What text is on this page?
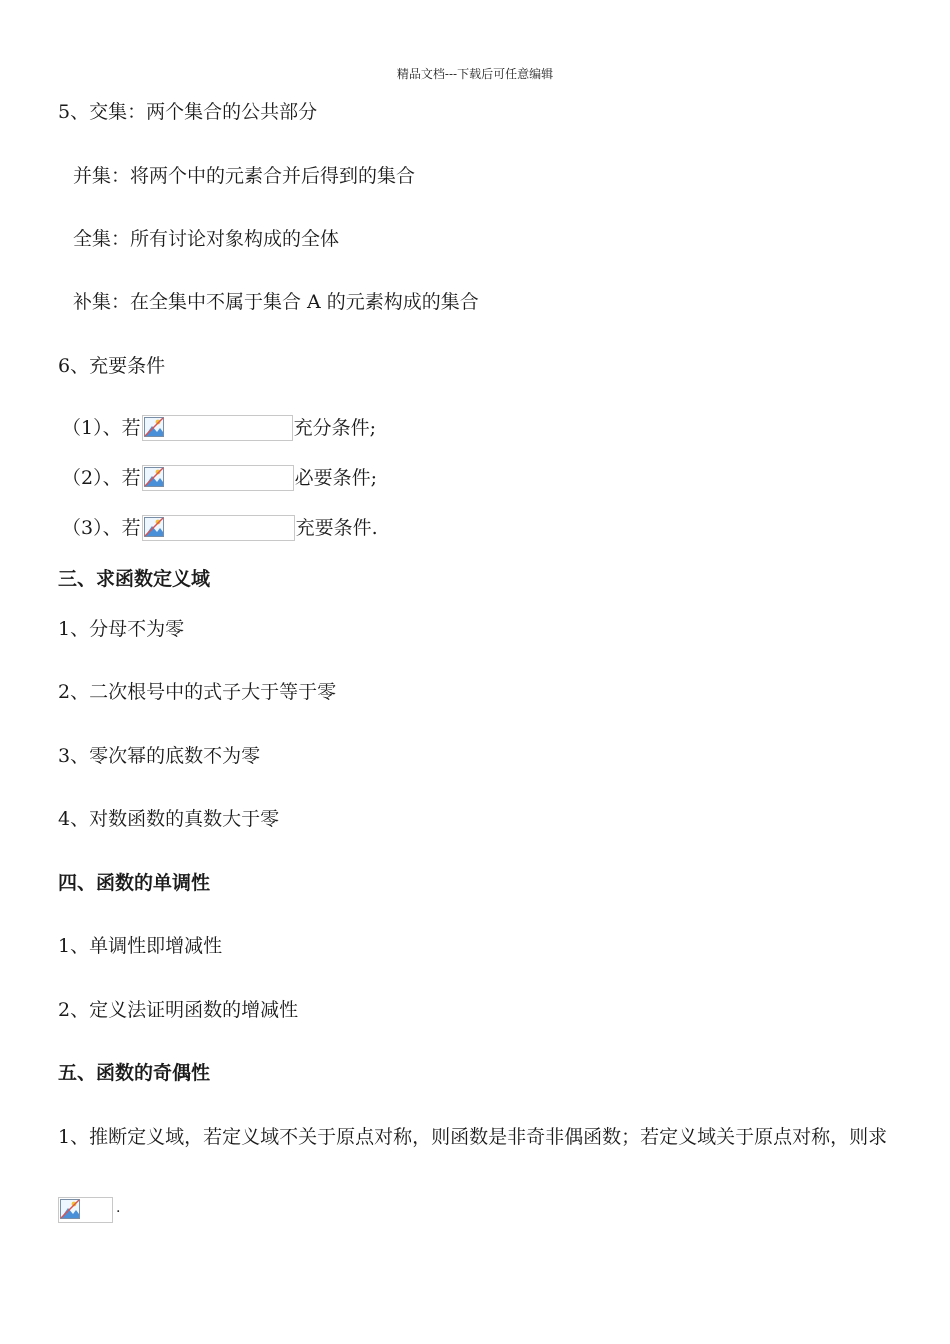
精品文档---下载后可任意编辑
5、交集：两个集合的公共部分
并集：将两个中的元素合并后得到的集合
全集：所有讨论对象构成的全体
补集：在全集中不属于集合 A 的元素构成的集合
6、充要条件
（1）、若	充分条件;
（2）、若	必要条件;
（3）、若	充要条件.
三、求函数定义域
1、分母不为零
2、二次根号中的式子大于等于零
3、零次幂的底数不为零
4、对数函数的真数大于零
四、函数的单调性
1、单调性即增减性
2、定义法证明函数的增减性
五、函数的奇偶性
1、推断定义域，若定义域不关于原点对称，则函数是非奇非偶函数；若定义域关于原点对称，则求
.
